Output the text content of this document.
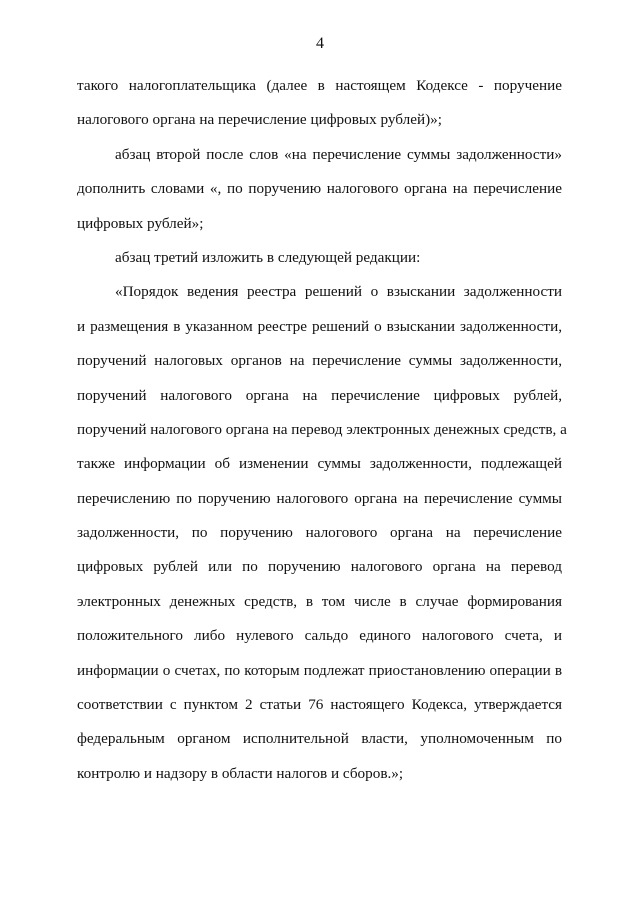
4
такого налогоплательщика (далее в настоящем Кодексе - поручение
налогового органа на перечисление цифровых рублей)»;
абзац второй после слов «на перечисление суммы задолженности»
дополнить словами «, по поручению налогового органа на перечисление
цифровых рублей»;
абзац третий изложить в следующей редакции:
«Порядок ведения реестра решений о взыскании задолженности
и размещения в указанном реестре решений о взыскании задолженности,
поручений налоговых органов на перечисление суммы задолженности,
поручений налогового органа на перечисление цифровых рублей,
поручений налогового органа на перевод электронных денежных средств, а
также информации об изменении суммы задолженности, подлежащей
перечислению по поручению налогового органа на перечисление суммы
задолженности, по поручению налогового органа на перечисление
цифровых рублей или по поручению налогового органа на перевод
электронных денежных средств, в том числе в случае формирования
положительного либо нулевого сальдо единого налогового счета, и
информации о счетах, по которым подлежат приостановлению операции в
соответствии с пунктом 2 статьи 76 настоящего Кодекса, утверждается
федеральным органом исполнительной власти, уполномоченным по
контролю и надзору в области налогов и сборов.»;
